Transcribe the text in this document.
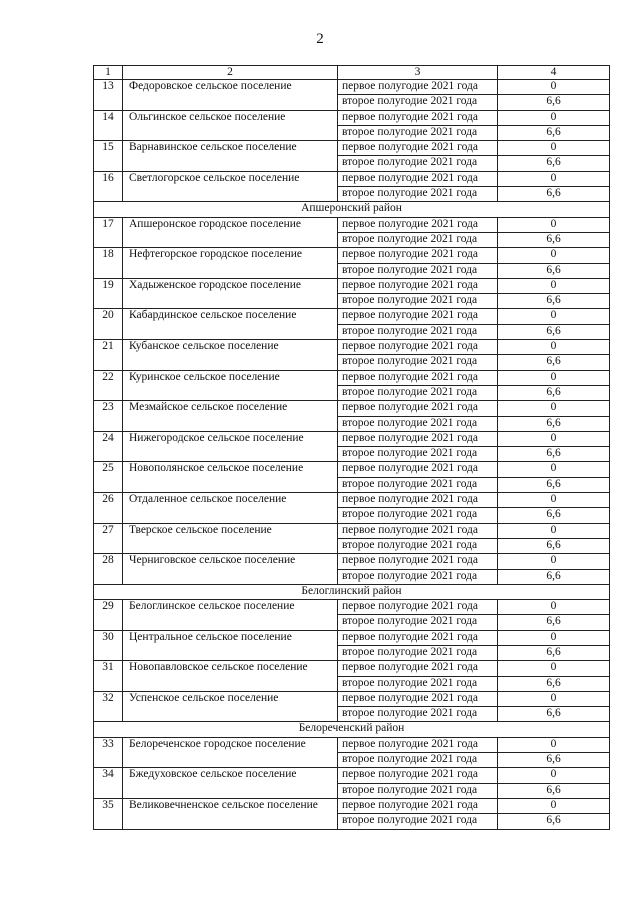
2
1	2	3	4
13	Федоровское сельское поселение	первое полугодие 2021 года	0
		второе полугодие 2021 года	6,6
14	Ольгинское сельское поселение	первое полугодие 2021 года	0
		второе полугодие 2021 года	6,6
15	Варнавинское сельское поселение	первое полугодие 2021 года	0
		второе полугодие 2021 года	6,6
16	Светлогорское сельское поселение	первое полугодие 2021 года	0
		второе полугодие 2021 года	6,6
Апшеронский район			
17	Апшеронское городское поселение	первое полугодие 2021 года	0
		второе полугодие 2021 года	6,6
18	Нефтегорское городское поселение	первое полугодие 2021 года	0
		второе полугодие 2021 года	6,6
19	Хадыженское городское поселение	первое полугодие 2021 года	0
		второе полугодие 2021 года	6,6
20	Кабардинское сельское поселение	первое полугодие 2021 года	0
		второе полугодие 2021 года	6,6
21	Кубанское сельское поселение	первое полугодие 2021 года	0
		второе полугодие 2021 года	6,6
22	Куринское сельское поселение	первое полугодие 2021 года	0
		второе полугодие 2021 года	6,6
23	Мезмайское сельское поселение	первое полугодие 2021 года	0
		второе полугодие 2021 года	6,6
24	Нижегородское сельское поселение	первое полугодие 2021 года	0
		второе полугодие 2021 года	6,6
25	Новополянское сельское поселение	первое полугодие 2021 года	0
		второе полугодие 2021 года	6,6
26	Отдаленное сельское поселение	первое полугодие 2021 года	0
		второе полугодие 2021 года	6,6
27	Тверское сельское поселение	первое полугодие 2021 года	0
		второе полугодие 2021 года	6,6
28	Черниговское сельское поселение	первое полугодие 2021 года	0
		второе полугодие 2021 года	6,6
Белоглинский район			
29	Белоглинское сельское поселение	первое полугодие 2021 года	0
		второе полугодие 2021 года	6,6
30	Центральное сельское поселение	первое полугодие 2021 года	0
		второе полугодие 2021 года	6,6
31	Новопавловское сельское поселение	первое полугодие 2021 года	0
		второе полугодие 2021 года	6,6
32	Успенское сельское поселение	первое полугодие 2021 года	0
		второе полугодие 2021 года	6,6
Белореченский район			
33	Белореченское городское поселение	первое полугодие 2021 года	0
		второе полугодие 2021 года	6,6
34	Бжедуховское сельское поселение	первое полугодие 2021 года	0
		второе полугодие 2021 года	6,6
35	Великовечненское сельское поселение	первое полугодие 2021 года	0
		второе полугодие 2021 года	6,6
